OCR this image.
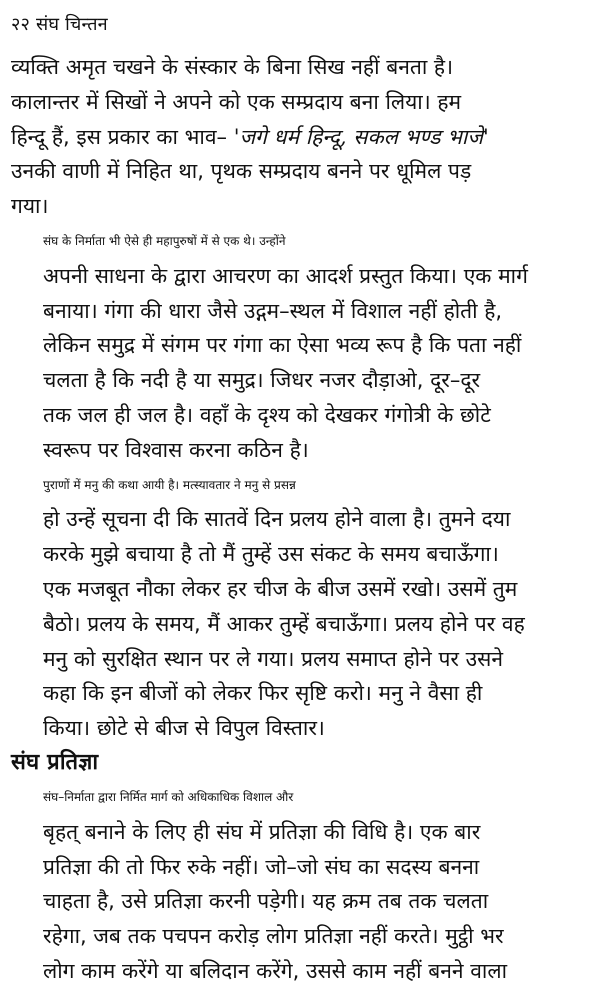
२२ संघ चिन्तन

व्यक्ति अमृत चखने के संस्कार के बिना सिख नहीं बनता है।
कालान्तर में सिखों ने अपने को एक सम्प्रदाय बना लिया। हम
हिन्दू हैं, इस प्रकार का भाव– 'जगे धर्म हिन्दू, सकल भण्ड भाजे'
उनकी वाणी में निहित था, पृथक सम्प्रदाय बनने पर धूमिल पड़
गया।

संघ के निर्माता भी ऐसे ही महापुरुषों में से एक थे। उन्होंने
अपनी साधना के द्वारा आचरण का आदर्श प्रस्तुत किया। एक मार्ग
बनाया। गंगा की धारा जैसे उद्गम–स्थल में विशाल नहीं होती है,
लेकिन समुद्र में संगम पर गंगा का ऐसा भव्य रूप है कि पता नहीं
चलता है कि नदी है या समुद्र। जिधर नजर दौड़ाओ, दूर–दूर
तक जल ही जल है। वहाँ के दृश्य को देखकर गंगोत्री के छोटे
स्वरूप पर विश्वास करना कठिन है।

पुराणों में मनु की कथा आयी है। मत्स्यावतार ने मनु से प्रसन्न
हो उन्हें सूचना दी कि सातवें दिन प्रलय होने वाला है। तुमने दया
करके मुझे बचाया है तो मैं तुम्हें उस संकट के समय बचाऊँगा।
एक मजबूत नौका लेकर हर चीज के बीज उसमें रखो। उसमें तुम
बैठो। प्रलय के समय, मैं आकर तुम्हें बचाऊँगा। प्रलय होने पर वह
मनु को सुरक्षित स्थान पर ले गया। प्रलय समाप्त होने पर उसने
कहा कि इन बीजों को लेकर फिर सृष्टि करो। मनु ने वैसा ही
किया। छोटे से बीज से विपुल विस्तार।

संघ प्रतिज्ञा

संघ–निर्माता द्वारा निर्मित मार्ग को अधिकाधिक विशाल और
बृहत् बनाने के लिए ही संघ में प्रतिज्ञा की विधि है। एक बार
प्रतिज्ञा की तो फिर रुके नहीं। जो–जो संघ का सदस्य बनना
चाहता है, उसे प्रतिज्ञा करनी पड़ेगी। यह क्रम तब तक चलता
रहेगा, जब तक पचपन करोड़ लोग प्रतिज्ञा नहीं करते। मुट्ठी भर
लोग काम करेंगे या बलिदान करेंगे, उससे काम नहीं बनने वाला
